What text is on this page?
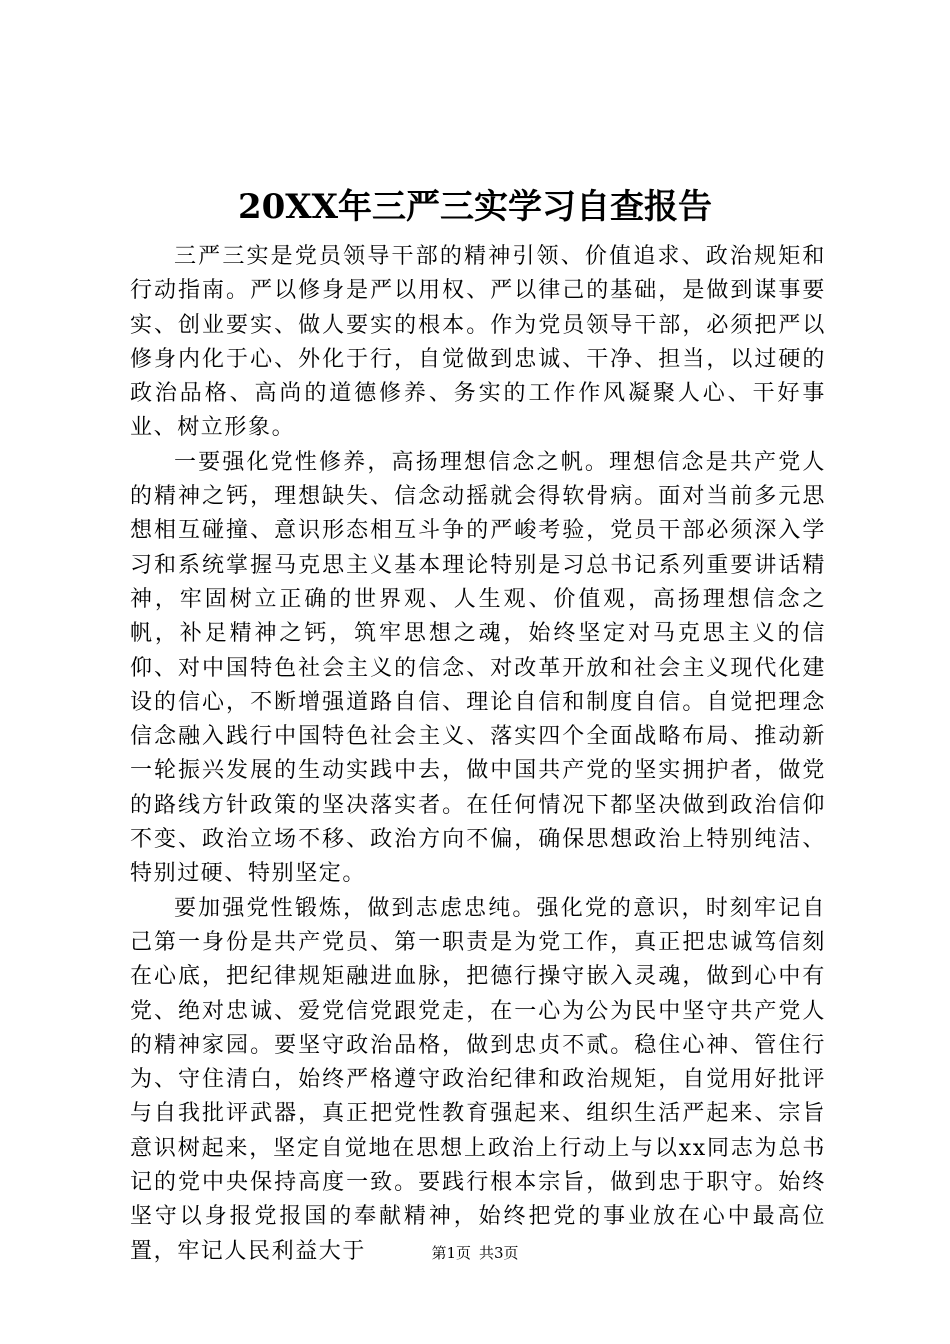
20XX年三严三实学习自查报告

三严三实是党员领导干部的精神引领、价值追求、政治规矩和行动指南。严以修身是严以用权、严以律己的基础，是做到谋事要实、创业要实、做人要实的根本。作为党员领导干部，必须把严以修身内化于心、外化于行，自觉做到忠诚、干净、担当，以过硬的政治品格、高尚的道德修养、务实的工作作风凝聚人心、干好事业、树立形象。

一要强化党性修养，高扬理想信念之帆。理想信念是共产党人的精神之钙，理想缺失、信念动摇就会得软骨病。面对当前多元思想相互碰撞、意识形态相互斗争的严峻考验，党员干部必须深入学习和系统掌握马克思主义基本理论特别是习总书记系列重要讲话精神，牢固树立正确的世界观、人生观、价值观，高扬理想信念之帆，补足精神之钙，筑牢思想之魂，始终坚定对马克思主义的信仰、对中国特色社会主义的信念、对改革开放和社会主义现代化建设的信心，不断增强道路自信、理论自信和制度自信。自觉把理念信念融入践行中国特色社会主义、落实四个全面战略布局、推动新一轮振兴发展的生动实践中去，做中国共产党的坚实拥护者，做党的路线方针政策的坚决落实者。在任何情况下都坚决做到政治信仰不变、政治立场不移、政治方向不偏，确保思想政治上特别纯洁、特别过硬、特别坚定。

要加强党性锻炼，做到志虑忠纯。强化党的意识，时刻牢记自己第一身份是共产党员、第一职责是为党工作，真正把忠诚笃信刻在心底，把纪律规矩融进血脉，把德行操守嵌入灵魂，做到心中有党、绝对忠诚、爱党信党跟党走，在一心为公为民中坚守共产党人的精神家园。要坚守政治品格，做到忠贞不贰。稳住心神、管住行为、守住清白，始终严格遵守政治纪律和政治规矩，自觉用好批评与自我批评武器，真正把党性教育强起来、组织生活严起来、宗旨意识树起来，坚定自觉地在思想上政治上行动上与以xx同志为总书记的党中央保持高度一致。要践行根本宗旨，做到忠于职守。始终坚守以身报党报国的奉献精神，始终把党的事业放在心中最高位置，牢记人民利益大于	第1页 共3页
